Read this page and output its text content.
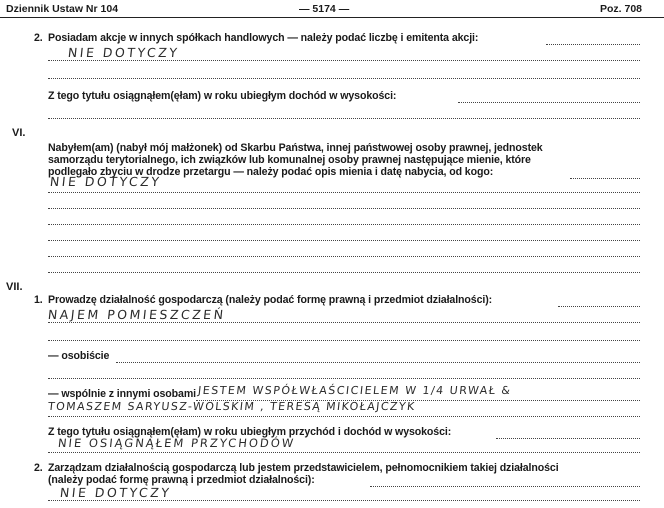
Dziennik Ustaw Nr 104	— 5174 —	Poz. 708
2. Posiadam akcje w innych spółkach handlowych — należy podać liczbę i emitenta akcji:
NIE DOTYCZY
Z tego tytułu osiągnąłem(ęłam) w roku ubiegłym dochód w wysokości:
VI.
Nabyłem(am) (nabył mój małżonek) od Skarbu Państwa, innej państwowej osoby prawnej, jednostek
samorządu terytorialnego, ich związków lub komunalnej osoby prawnej następujące mienie, które
podlegało zbyciu w drodze przetargu — należy podać opis mienia i datę nabycia, od kogo:
NIE DOTYCZY
VII.
1. Prowadzę działalność gospodarczą (należy podać formę prawną i przedmiot działalności):
NAJEM POMIESZCZEŃ
— osobiście
— wspólnie z innymi osobami JESTEM WSPÓŁWŁAŚCICIELEM W 1/4 URWAŁ &
TOMASZEM SARYUSZ-WOLSKIM , TERESĄ MIKOŁAJCZYK
Z tego tytułu osiągnąłem(ęłam) w roku ubiegłym przychód i dochód w wysokości:
NIE OSIĄGNĄŁEM PRZYCHODÓW
2. Zarządzam działalnością gospodarczą lub jestem przedstawicielem, pełnomocnikiem takiej działalności
(należy podać formę prawną i przedmiot działalności):
NIE DOTYCZY
